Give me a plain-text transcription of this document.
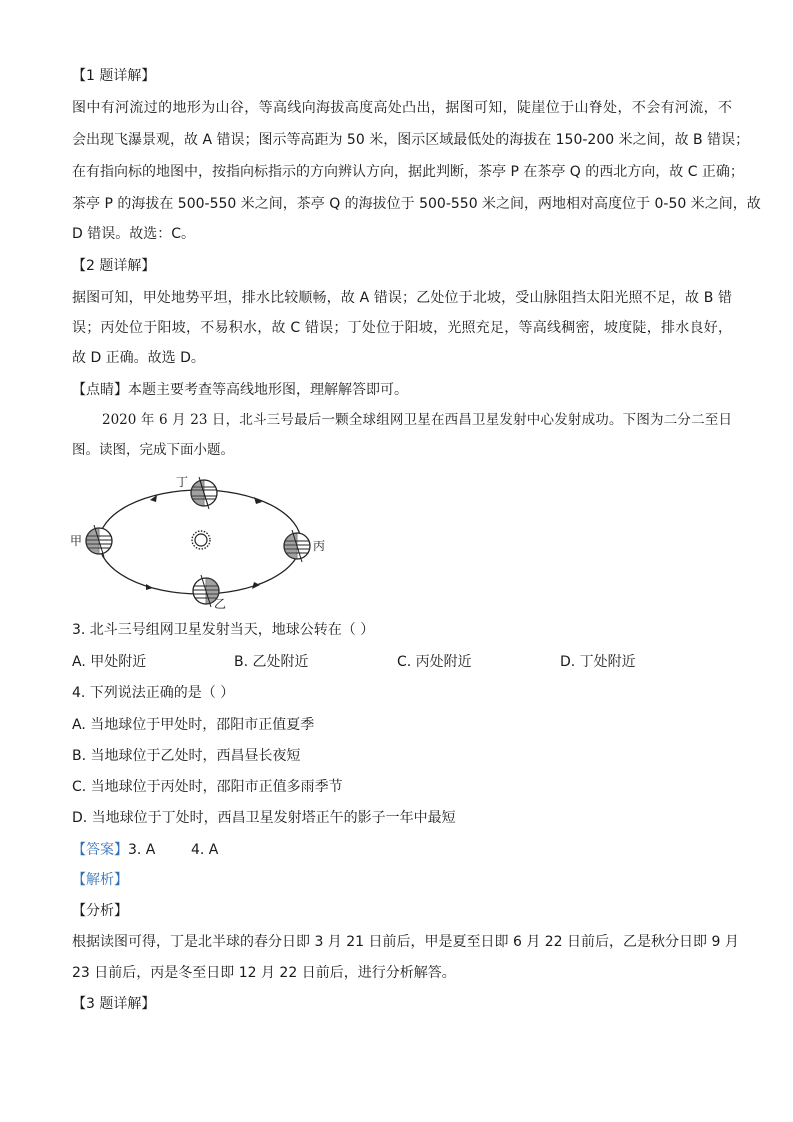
【1 题详解】
图中有河流过的地形为山谷，等高线向海拔高度高处凸出，据图可知，陡崖位于山脊处，不会有河流，不
会出现飞瀑景观，故 A 错误；图示等高距为 50 米，图示区域最低处的海拔在 150-200 米之间，故 B 错误；
在有指向标的地图中，按指向标指示的方向辨认方向，据此判断，茶亭 P 在茶亭 Q 的西北方向，故 C 正确；
茶亭 P 的海拔在 500-550 米之间，茶亭 Q 的海拔位于 500-550 米之间，两地相对高度位于 0-50 米之间，故
D 错误。故选：C。
【2 题详解】
据图可知，甲处地势平坦，排水比较顺畅，故 A 错误；乙处位于北坡，受山脉阻挡太阳光照不足，故 B 错
误；丙处位于阳坡，不易积水，故 C 错误；丁处位于阳坡，光照充足，等高线稠密，坡度陡，排水良好，
故 D 正确。故选 D。
【点睛】本题主要考查等高线地形图，理解解答即可。
2020 年 6 月 23 日，北斗三号最后一颗全球组网卫星在西昌卫星发射中心发射成功。下图为二分二至日
图。读图，完成下面小题。
丁
甲	丙
乙
3. 北斗三号组网卫星发射当天，地球公转在（ ）
A. 甲处附近	B. 乙处附近	C. 丙处附近	D. 丁处附近
4. 下列说法正确的是（ ）
A. 当地球位于甲处时，邵阳市正值夏季
B. 当地球位于乙处时，西昌昼长夜短
C. 当地球位于丙处时，邵阳市正值多雨季节
D. 当地球位于丁处时，西昌卫星发射塔正午的影子一年中最短
【答案】3. A        4. A
【解析】
【分析】
根据读图可得，丁是北半球的春分日即 3 月 21 日前后，甲是夏至日即 6 月 22 日前后，乙是秋分日即 9 月
23 日前后，丙是冬至日即 12 月 22 日前后，进行分析解答。
【3 题详解】
